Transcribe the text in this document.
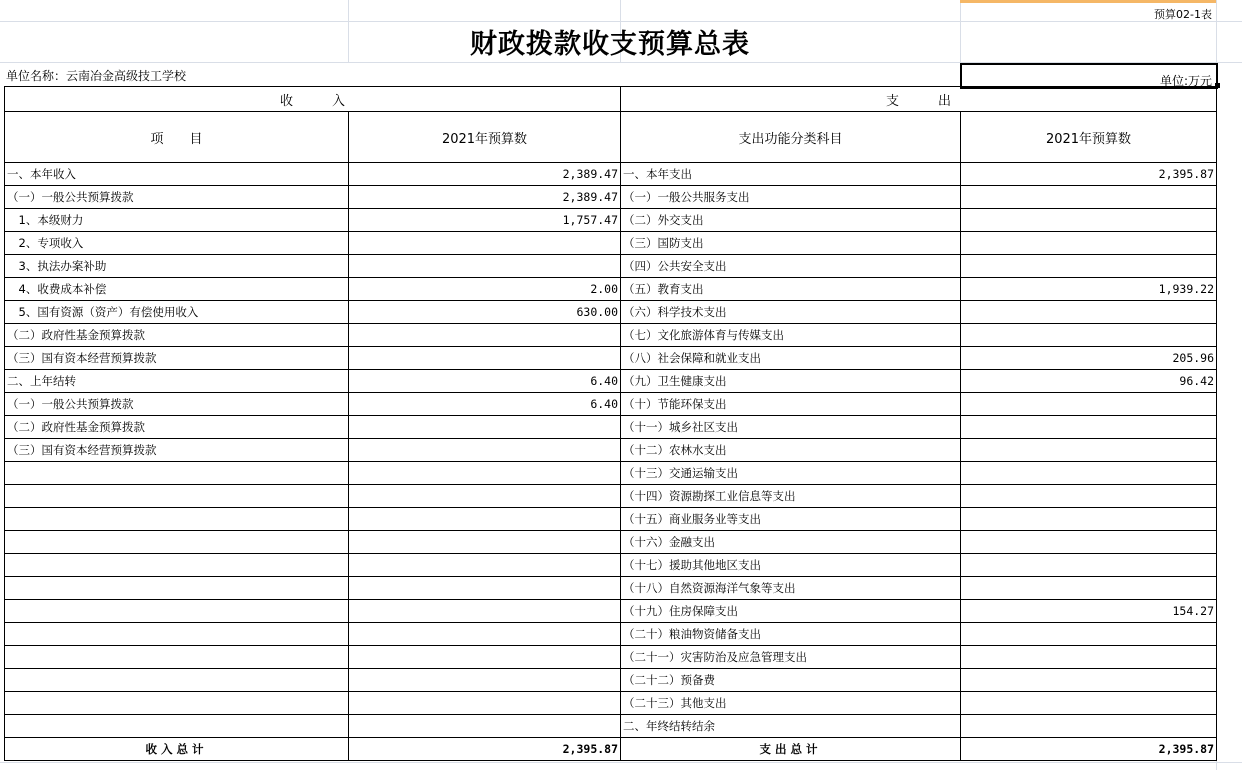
预算02-1表
财政拨款收支预算总表
单位名称：云南冶金高级技工学校	单位:万元
收　　　入		支　　　出	
项　　目	2021年预算数	支出功能分类科目	2021年预算数
一、本年收入	2,389.47	一、本年支出	2,395.87
（一）一般公共预算拨款	2,389.47	（一）一般公共服务支出	
　1、本级财力	1,757.47	（二）外交支出	
　2、专项收入		（三）国防支出	
　3、执法办案补助		（四）公共安全支出	
　4、收费成本补偿	2.00	（五）教育支出	1,939.22
　5、国有资源（资产）有偿使用收入	630.00	（六）科学技术支出	
（二）政府性基金预算拨款		（七）文化旅游体育与传媒支出	
（三）国有资本经营预算拨款		（八）社会保障和就业支出	205.96
二、上年结转	6.40	（九）卫生健康支出	96.42
（一）一般公共预算拨款	6.40	（十）节能环保支出	
（二）政府性基金预算拨款		（十一）城乡社区支出	
（三）国有资本经营预算拨款		（十二）农林水支出	
		（十三）交通运输支出	
		（十四）资源勘探工业信息等支出	
		（十五）商业服务业等支出	
		（十六）金融支出	
		（十七）援助其他地区支出	
		（十八）自然资源海洋气象等支出	
		（十九）住房保障支出	154.27
		（二十）粮油物资储备支出	
		（二十一）灾害防治及应急管理支出	
		（二十二）预备费	
		（二十三）其他支出	
		二、年终结转结余	
收入总计	2,395.87	支出总计	2,395.87
